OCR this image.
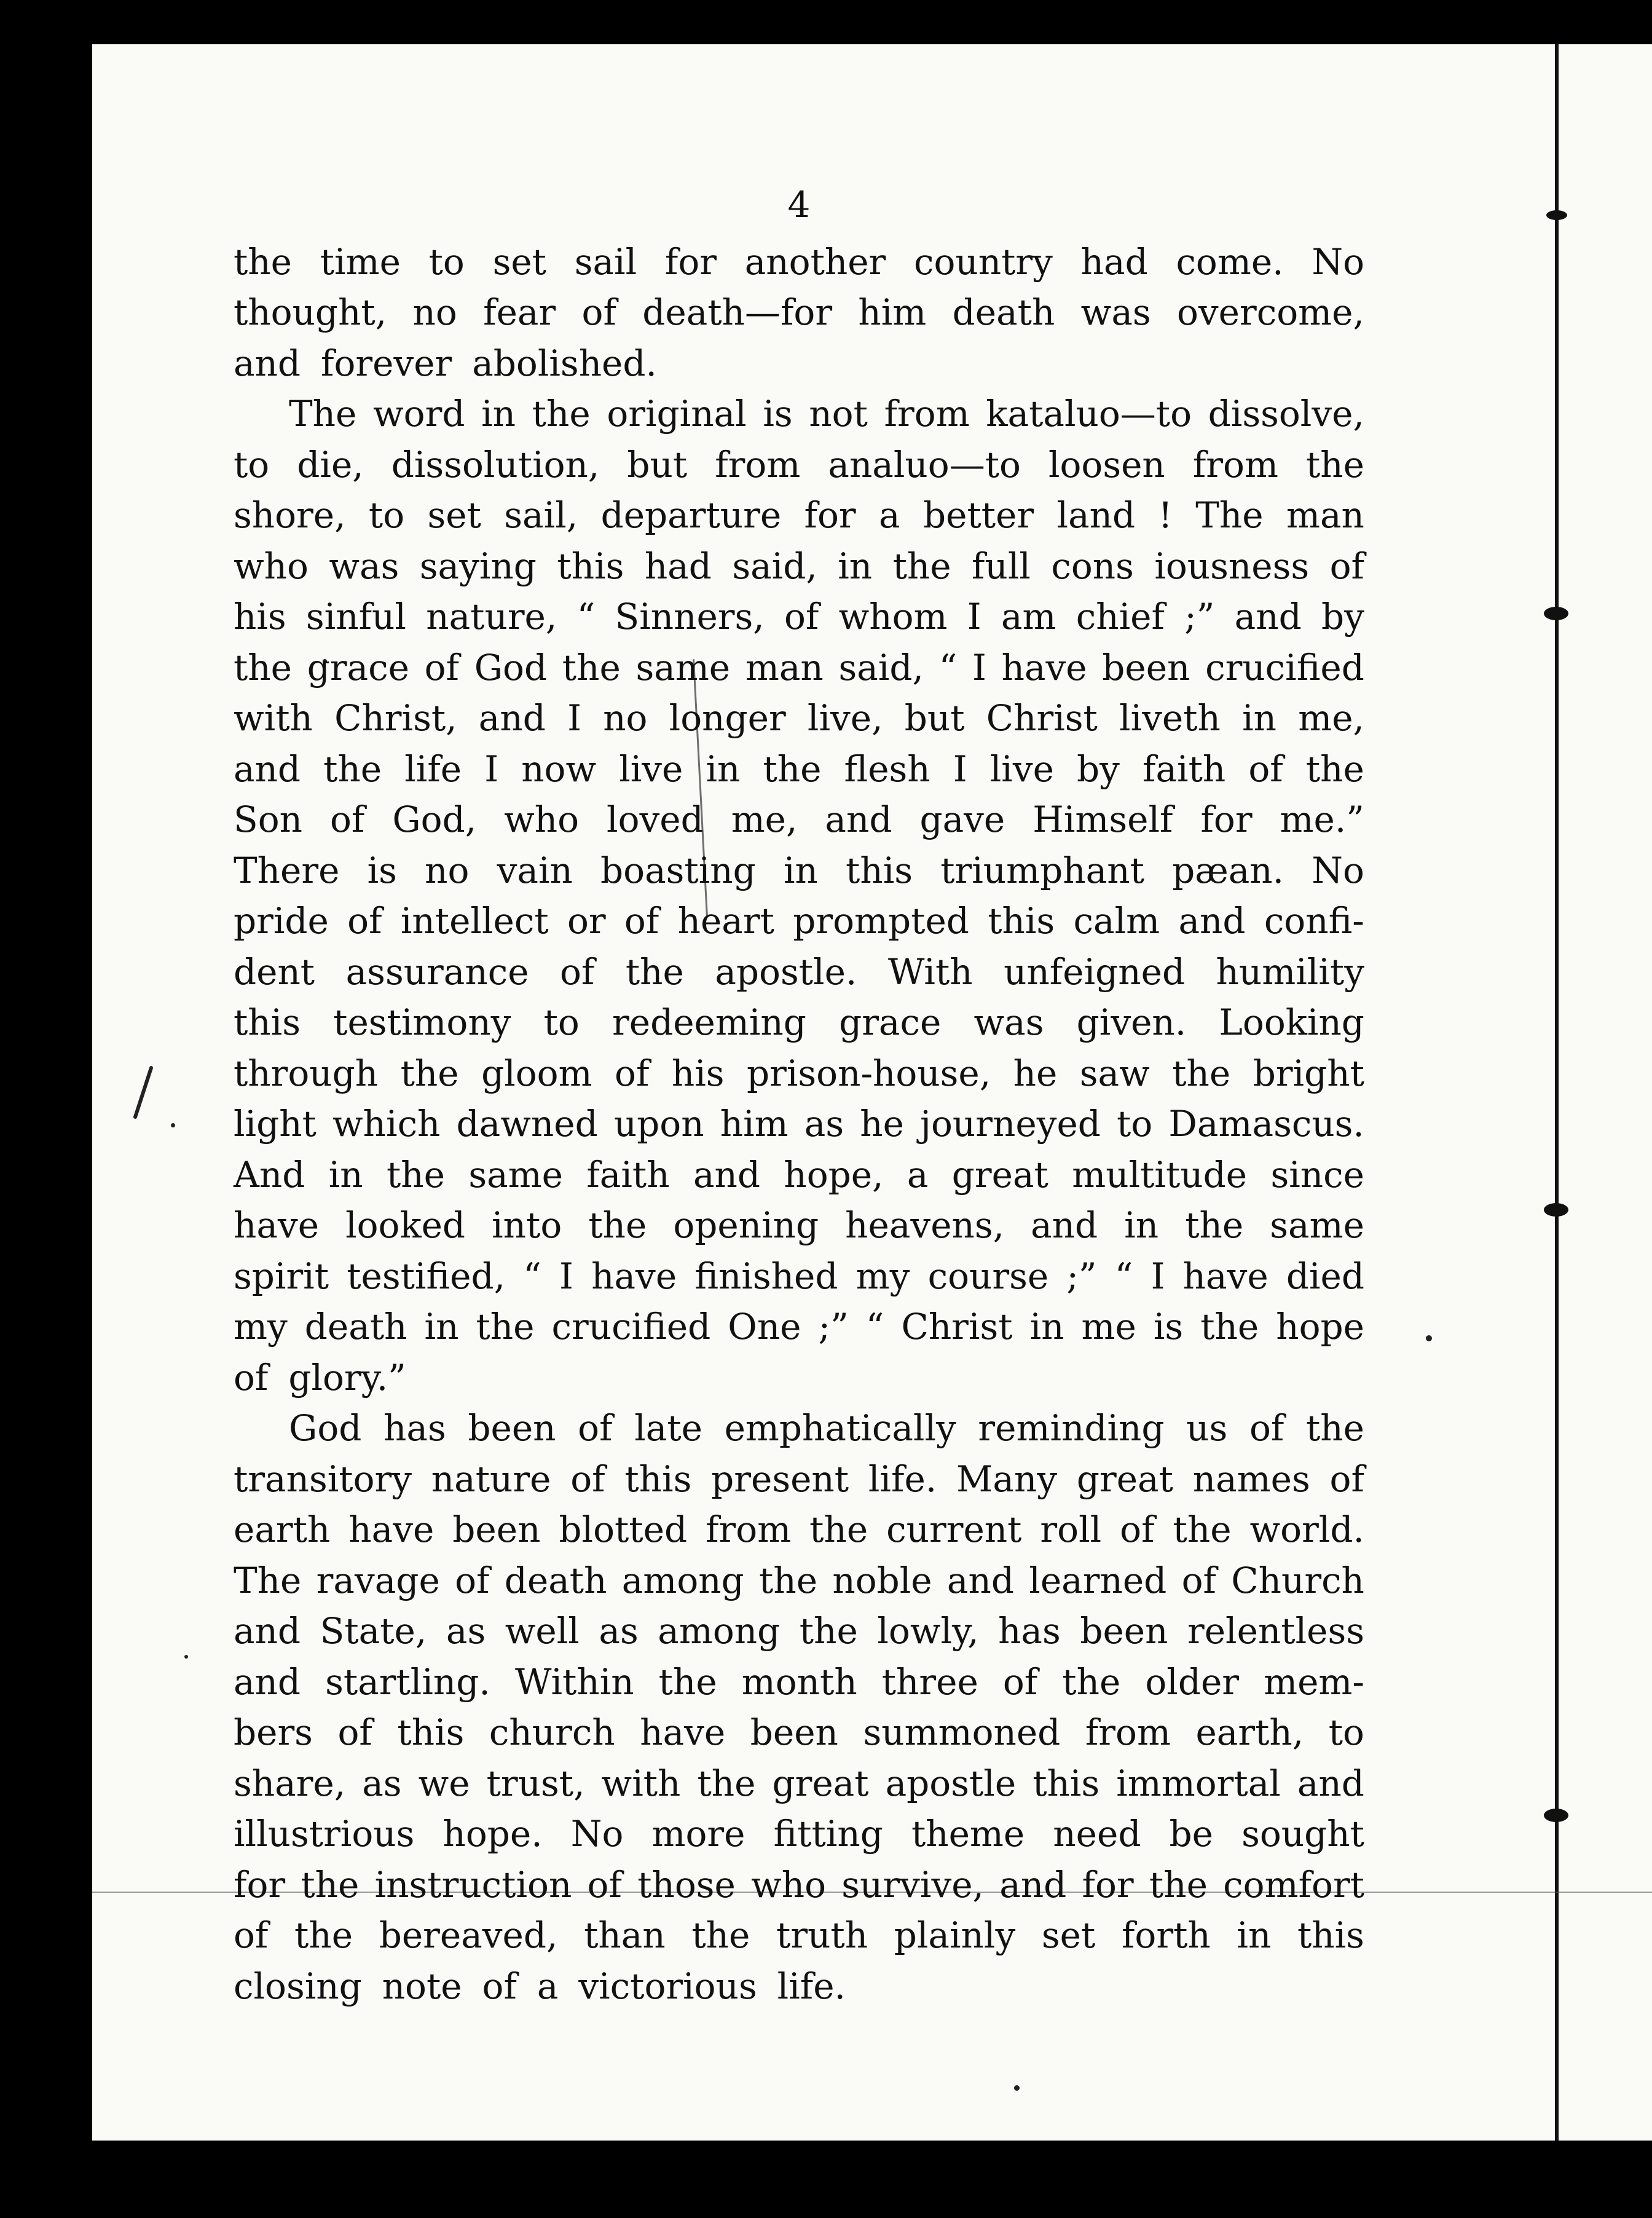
4
the time to set sail for another country had come. No
thought, no fear of death—for him death was overcome,
and forever abolished.
The word in the original is not from kataluo—to dissolve,
to die, dissolution, but from analuo—to loosen from the
shore, to set sail, departure for a better land ! The man
who was saying this had said, in the full cons iousness of
his sinful nature, “ Sinners, of whom I am chief ;” and by
the grace of God the same man said, “ I have been crucified
with Christ, and I no longer live, but Christ liveth in me,
and the life I now live in the flesh I live by faith of the
Son of God, who loved me, and gave Himself for me.”
There is no vain boasting in this triumphant pæan. No
pride of intellect or of heart prompted this calm and confi-
dent assurance of the apostle. With unfeigned humility
this testimony to redeeming grace was given. Looking
through the gloom of his prison-house, he saw the bright
light which dawned upon him as he journeyed to Damascus.
And in the same faith and hope, a great multitude since
have looked into the opening heavens, and in the same
spirit testified, “ I have finished my course ;” “ I have died
my death in the crucified One ;” “ Christ in me is the hope
of glory.”
God has been of late emphatically reminding us of the
transitory nature of this present life. Many great names of
earth have been blotted from the current roll of the world.
The ravage of death among the noble and learned of Church
and State, as well as among the lowly, has been relentless
and startling. Within the month three of the older mem-
bers of this church have been summoned from earth, to
share, as we trust, with the great apostle this immortal and
illustrious hope. No more fitting theme need be sought
for the instruction of those who survive, and for the comfort
of the bereaved, than the truth plainly set forth in this
closing note of a victorious life.
